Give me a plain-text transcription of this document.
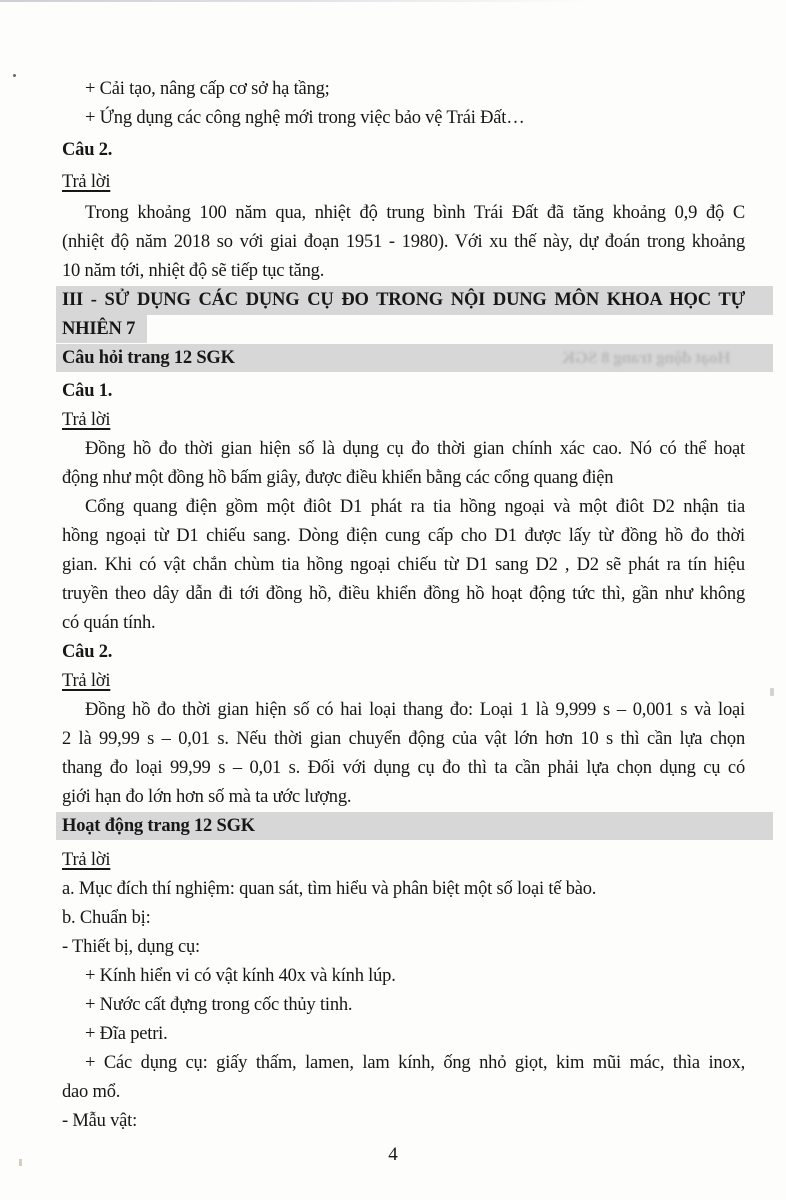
+ Cải tạo, nâng cấp cơ sở hạ tầng;
+ Ứng dụng các công nghệ mới trong việc bảo vệ Trái Đất…
Câu 2.
Trả lời
Trong khoảng 100 năm qua, nhiệt độ trung bình Trái Đất đã tăng khoảng 0,9 độ C
(nhiệt độ năm 2018 so với giai đoạn 1951 - 1980). Với xu thế này, dự đoán trong khoảng
10 năm tới, nhiệt độ sẽ tiếp tục tăng.
III - SỬ DỤNG CÁC DỤNG CỤ ĐO TRONG NỘI DUNG MÔN KHOA HỌC TỰ
NHIÊN 7
Câu hỏi trang 12 SGK	Hoạt động trang 8 SGK
Câu 1.
Trả lời
Đồng hồ đo thời gian hiện số là dụng cụ đo thời gian chính xác cao. Nó có thể hoạt
động như một đồng hồ bấm giây, được điều khiển bằng các cổng quang điện
Cổng quang điện gồm một điôt D1 phát ra tia hồng ngoại và một điôt D2 nhận tia
hồng ngoại từ D1 chiếu sang. Dòng điện cung cấp cho D1 được lấy từ đồng hồ đo thời
gian. Khi có vật chắn chùm tia hồng ngoại chiếu từ D1 sang D2 , D2 sẽ phát ra tín hiệu
truyền theo dây dẫn đi tới đồng hồ, điều khiển đồng hồ hoạt động tức thì, gần như không
có quán tính.
Câu 2.
Trả lời
Đồng hồ đo thời gian hiện số có hai loại thang đo: Loại 1 là 9,999 s – 0,001 s và loại
2 là 99,99 s – 0,01 s. Nếu thời gian chuyển động của vật lớn hơn 10 s thì cần lựa chọn
thang đo loại 99,99 s – 0,01 s. Đối với dụng cụ đo thì ta cần phải lựa chọn dụng cụ có
giới hạn đo lớn hơn số mà ta ước lượng.
Hoạt động trang 12 SGK
Trả lời
a. Mục đích thí nghiệm: quan sát, tìm hiểu và phân biệt một số loại tế bào.
b. Chuẩn bị:
- Thiết bị, dụng cụ:
+ Kính hiển vi có vật kính 40x và kính lúp.
+ Nước cất đựng trong cốc thủy tinh.
+ Đĩa petri.
+ Các dụng cụ: giấy thấm, lamen, lam kính, ống nhỏ giọt, kim mũi mác, thìa inox,
dao mổ.
- Mẫu vật:
4
